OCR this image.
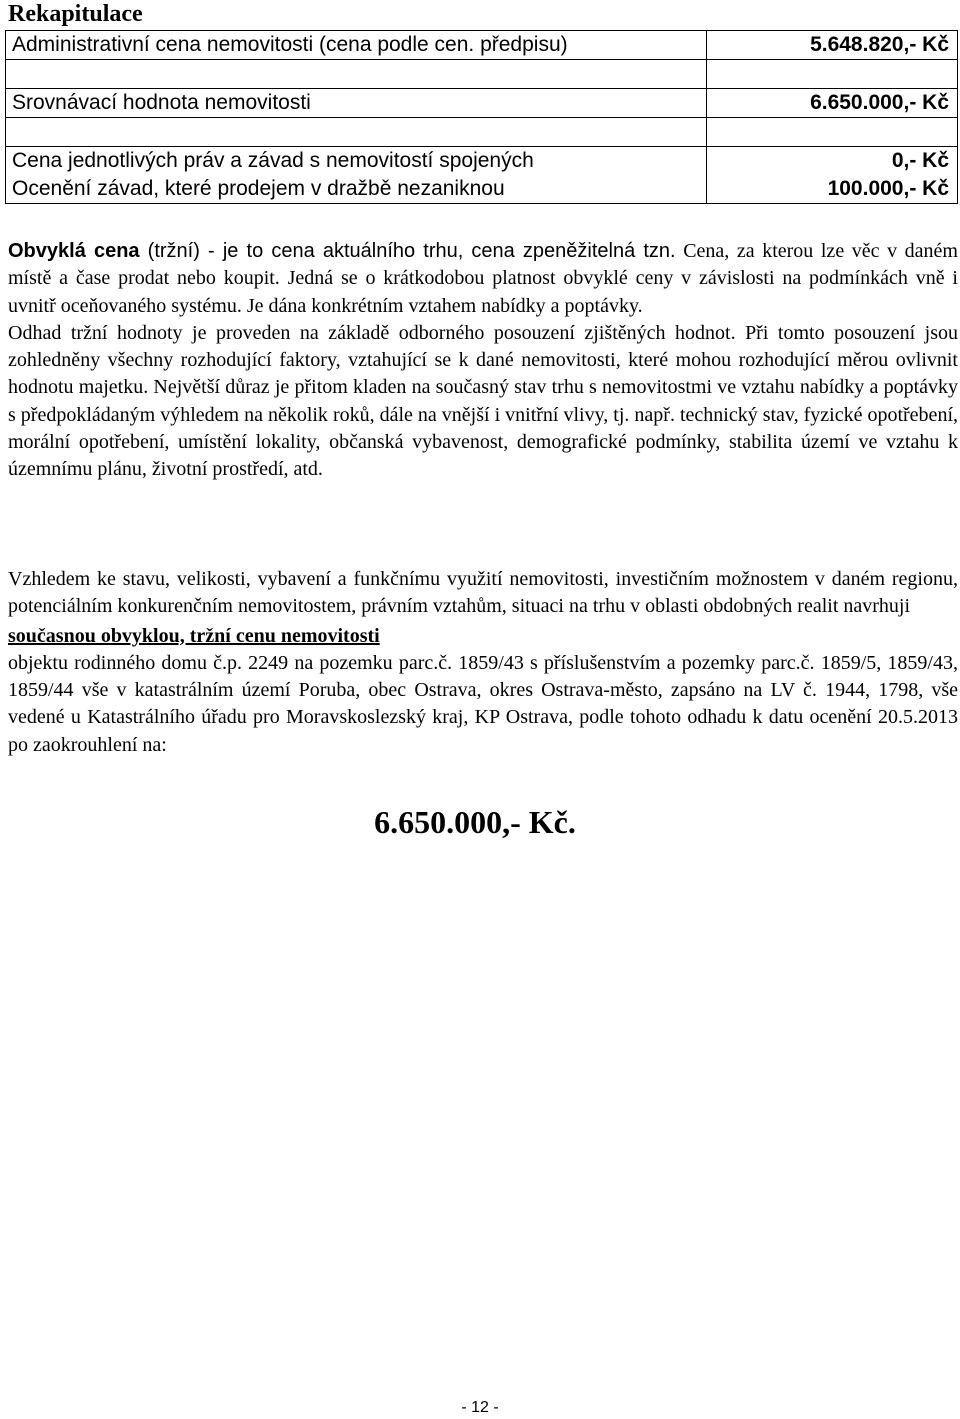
Rekapitulace
Administrativní cena nemovitosti (cena podle cen. předpisu)	5.648.820,- Kč

Srovnávací hodnota nemovitosti	6.650.000,- Kč

Cena jednotlivých práv a závad s nemovitostí spojených	0,- Kč
Ocenění závad, které prodejem v dražbě nezaniknou	100.000,- Kč

Obvyklá cena (tržní) - je to cena aktuálního trhu, cena zpeněžitelná tzn. Cena, za kterou lze věc v daném místě a čase prodat nebo koupit. Jedná se o krátkodobou platnost obvyklé ceny v závislosti na podmínkách vně i uvnitř oceňovaného systému. Je dána konkrétním vztahem nabídky a poptávky.

Odhad tržní hodnoty je proveden na základě odborného posouzení zjištěných hodnot. Při tomto posouzení jsou zohledněny všechny rozhodující faktory, vztahující se k dané nemovitosti, které mohou rozhodující měrou ovlivnit hodnotu majetku. Největší důraz je přitom kladen na současný stav trhu s nemovitostmi ve vztahu nabídky a poptávky s předpokládaným výhledem na několik roků, dále na vnější i vnitřní vlivy, tj. např. technický stav, fyzické opotřebení, morální opotřebení, umístění lokality, občanská vybavenost, demografické podmínky, stabilita území ve vztahu k územnímu plánu, životní prostředí, atd.

Vzhledem ke stavu, velikosti, vybavení a funkčnímu využití nemovitosti, investičním možnostem v daném regionu, potenciálním konkurenčním nemovitostem, právním vztahům, situaci na trhu v oblasti obdobných realit navrhuji

současnou obvyklou, tržní cenu nemovitosti

objektu rodinného domu č.p. 2249 na pozemku parc.č. 1859/43 s příslušenstvím a pozemky parc.č. 1859/5, 1859/43, 1859/44 vše v katastrálním území Poruba, obec Ostrava, okres Ostrava-město, zapsáno na LV č. 1944, 1798, vše vedené u Katastrálního úřadu pro Moravskoslezský kraj, KP Ostrava, podle tohoto odhadu k datu ocenění 20.5.2013 po zaokrouhlení na:

6.650.000,- Kč.
- 12 -
